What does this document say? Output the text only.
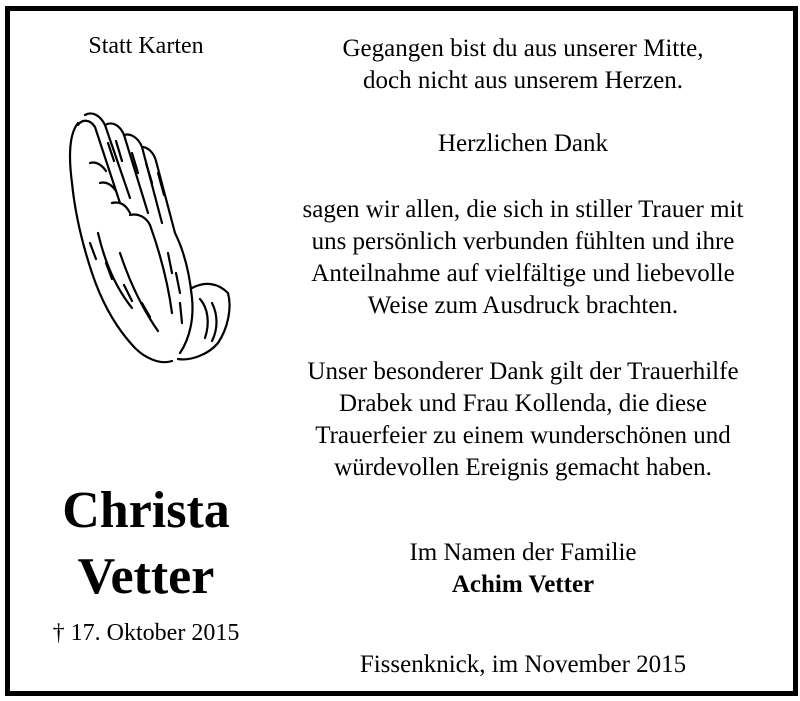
Statt Karten
Christa
Vetter
† 17. Oktober 2015
Gegangen bist du aus unserer Mitte,
doch nicht aus unserem Herzen.
Herzlichen Dank
sagen wir allen, die sich in stiller Trauer mit
uns persönlich verbunden fühlten und ihre
Anteilnahme auf vielfältige und liebevolle
Weise zum Ausdruck brachten.
Unser besonderer Dank gilt der Trauerhilfe
Drabek und Frau Kollenda, die diese
Trauerfeier zu einem wunderschönen und
würdevollen Ereignis gemacht haben.
Im Namen der Familie
Achim Vetter
Fissenknick, im November 2015
